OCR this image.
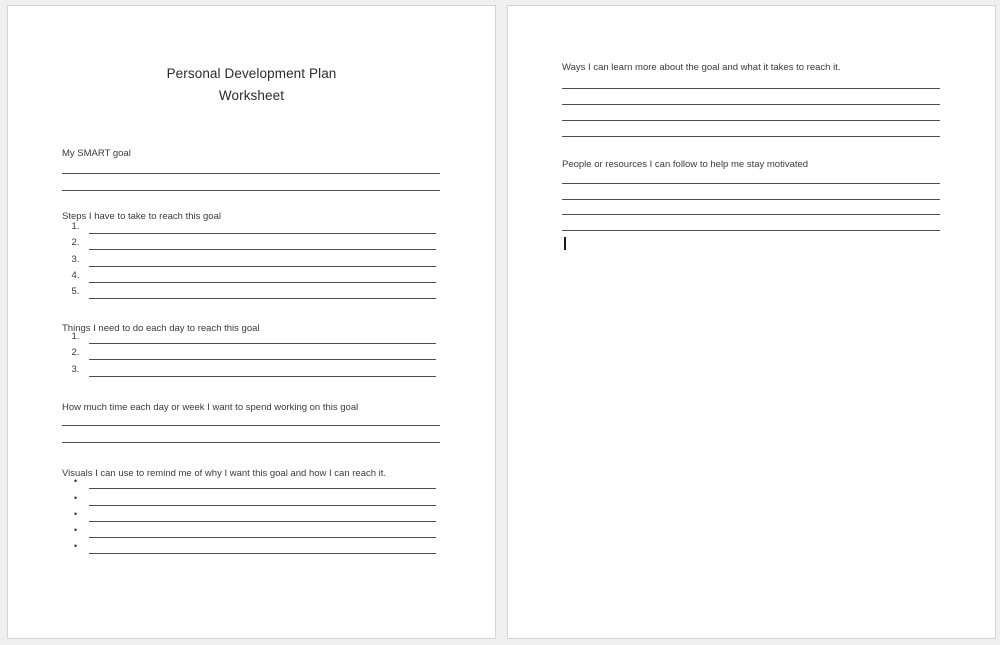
Personal Development Plan
Worksheet
My SMART goal
Steps I have to take to reach this goal
1.
2.
3.
4.
5.
Things I need to do each day to reach this goal
1.
2.
3.
How much time each day or week I want to spend working on this goal
Visuals I can use to remind me of why I want this goal and how I can reach it.
•
•
•
•
•
Ways I can learn more about the goal and what it takes to reach it.
People or resources I can follow to help me stay motivated
